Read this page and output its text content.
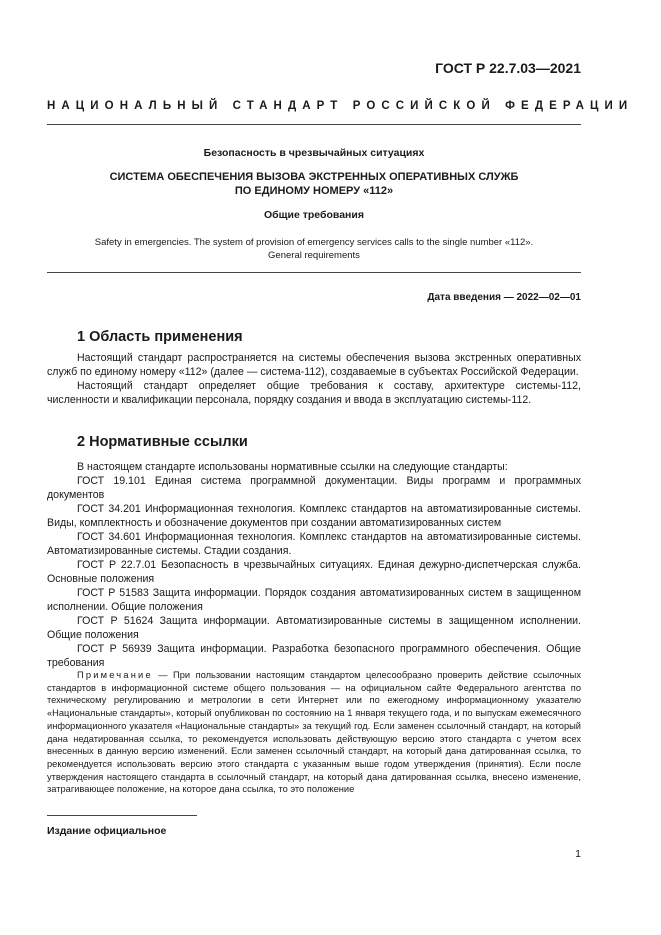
ГОСТ Р 22.7.03—2021
НАЦИОНАЛЬНЫЙ СТАНДАРТ РОССИЙСКОЙ ФЕДЕРАЦИИ
Безопасность в чрезвычайных ситуациях
СИСТЕМА ОБЕСПЕЧЕНИЯ ВЫЗОВА ЭКСТРЕННЫХ ОПЕРАТИВНЫХ СЛУЖБ
ПО ЕДИНОМУ НОМЕРУ «112»
Общие требования
Safety in emergencies. The system of provision of emergency services calls to the single number «112».
General requirements
Дата введения — 2022—02—01
1 Область применения

Настоящий стандарт распространяется на системы обеспечения вызова экстренных оперативных служб по единому номеру «112» (далее — система-112), создаваемые в субъектах Российской Федерации.

Настоящий стандарт определяет общие требования к составу, архитектуре системы-112, численности и квалификации персонала, порядку создания и ввода в эксплуатацию системы-112.

2 Нормативные ссылки

В настоящем стандарте использованы нормативные ссылки на следующие стандарты:

ГОСТ 19.101 Единая система программной документации. Виды программ и программных документов

ГОСТ 34.201 Информационная технология. Комплекс стандартов на автоматизированные системы. Виды, комплектность и обозначение документов при создании автоматизированных систем

ГОСТ 34.601 Информационная технология. Комплекс стандартов на автоматизированные системы. Автоматизированные системы. Стадии создания.

ГОСТ Р 22.7.01 Безопасность в чрезвычайных ситуациях. Единая дежурно-диспетчерская служба. Основные положения

ГОСТ Р 51583 Защита информации. Порядок создания автоматизированных систем в защищенном исполнении. Общие положения

ГОСТ Р 51624 Защита информации. Автоматизированные системы в защищенном исполнении. Общие положения

ГОСТ Р 56939 Защита информации. Разработка безопасного программного обеспечения. Общие требования

Примечание — При пользовании настоящим стандартом целесообразно проверить действие ссылочных стандартов в информационной системе общего пользования — на официальном сайте Федерального агентства по техническому регулированию и метрологии в сети Интернет или по ежегодному информационному указателю «Национальные стандарты», который опубликован по состоянию на 1 января текущего года, и по выпускам ежемесячного информационного указателя «Национальные стандарты» за текущий год. Если заменен ссылочный стандарт, на который дана недатированная ссылка, то рекомендуется использовать действующую версию этого стандарта с учетом всех внесенных в данную версию изменений. Если заменен ссылочный стандарт, на который дана датированная ссылка, то рекомендуется использовать версию этого стандарта с указанным выше годом утверждения (принятия). Если после утверждения настоящего стандарта в ссылочный стандарт, на который дана датированная ссылка, внесено изменение, затрагивающее положение, на которое дана ссылка, то это положение

Издание официальное
1
